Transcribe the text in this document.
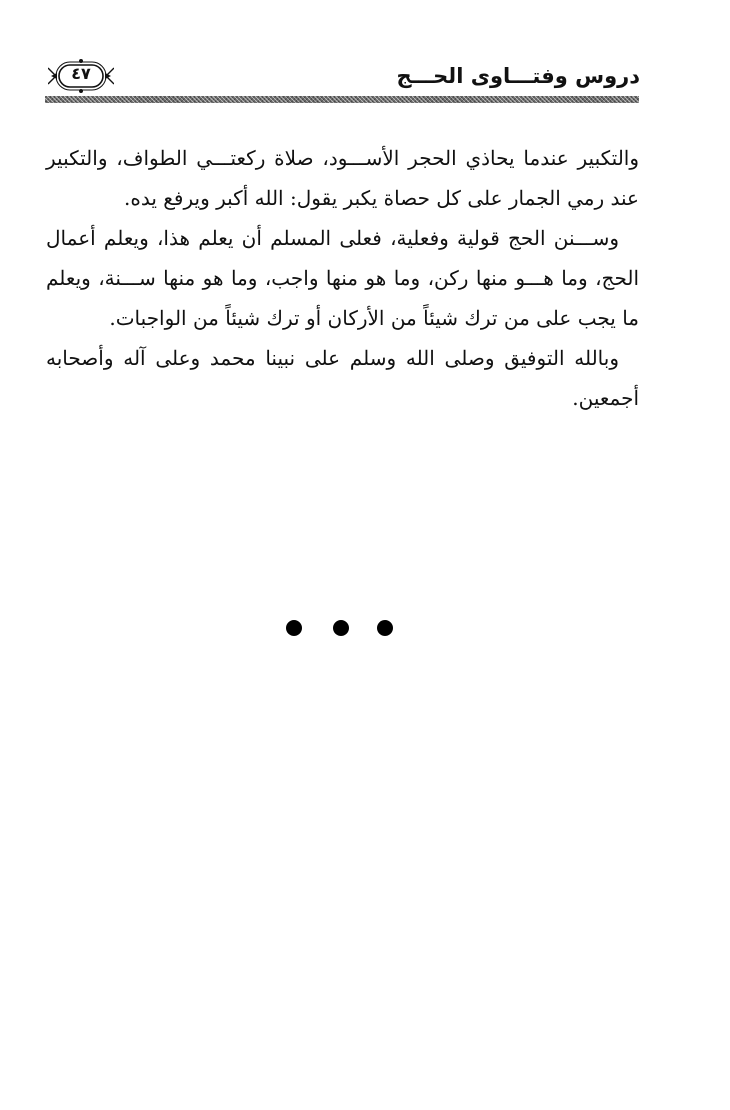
دروس وفتـــاوى الحـــج
٤٧

والتكبير عندما يحاذي الحجر الأســـود، صلاة ركعتـــي الطواف، والتكبير عند رمي الجمار على كل حصاة يكبر يقول: الله أكبر ويرفع يده.

وســـنن الحج قولية وفعلية، فعلى المسلم أن يعلم هذا، ويعلم أعمال الحج، وما هـــو منها ركن، وما هو منها واجب، وما هو منها ســـنة، ويعلم ما يجب على من ترك شيئاً من الأركان أو ترك شيئاً من الواجبات.

وبالله التوفيق وصلى الله وسلم على نبينا محمد وعلى آله وأصحابه أجمعين.
